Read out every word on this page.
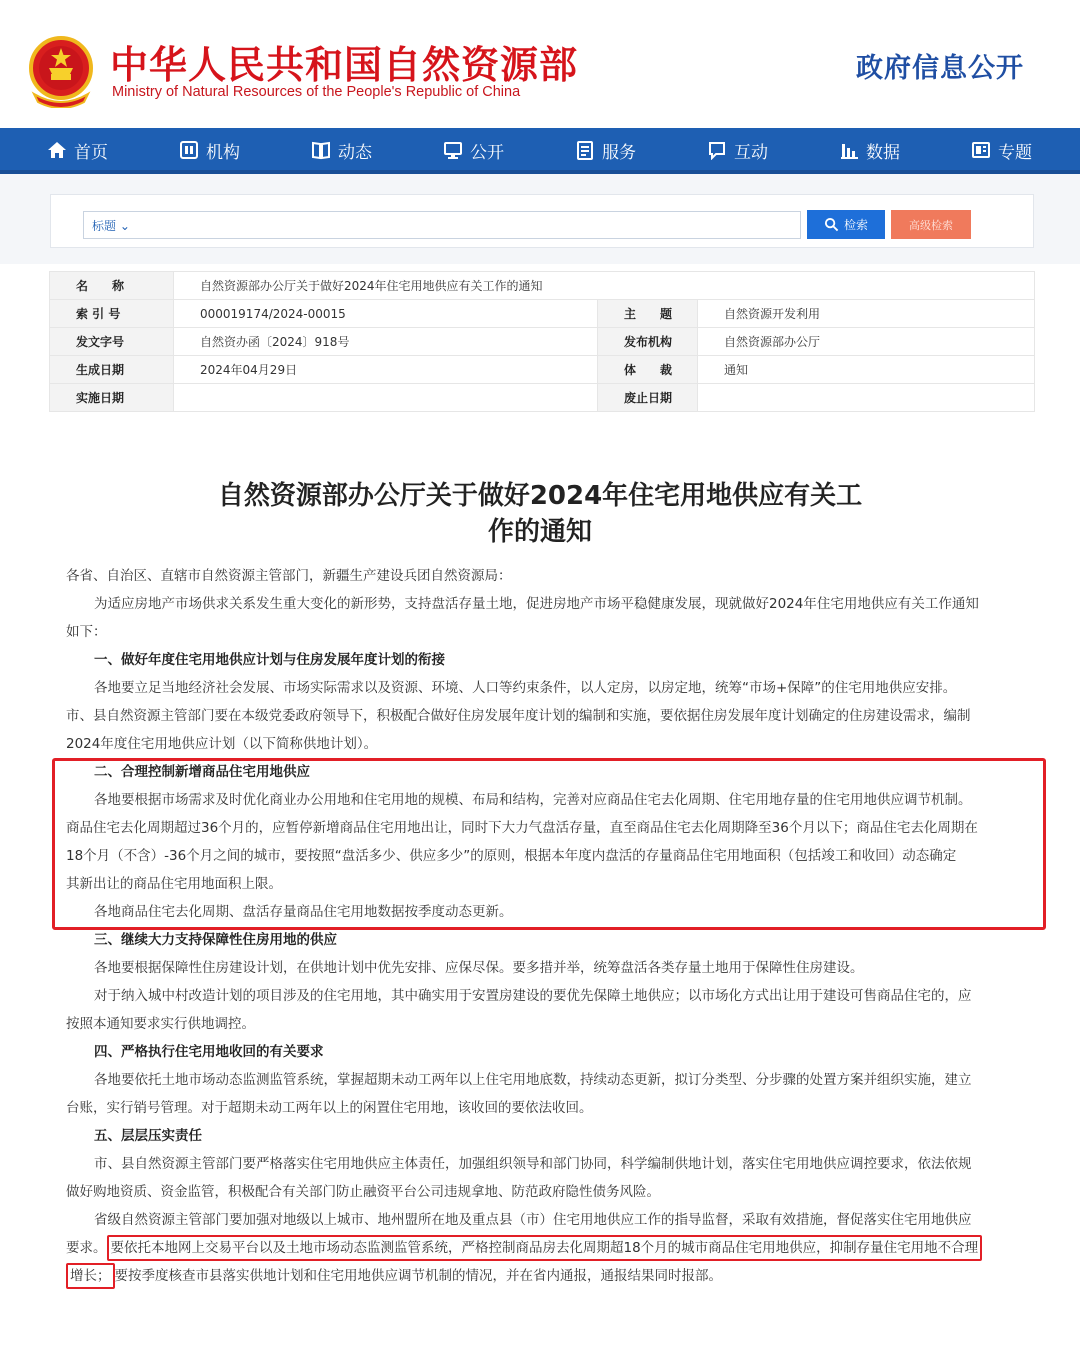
中华人民共和国自然资源部
Ministry of Natural Resources of the People's Republic of China
政府信息公开
首页	机构	动态	公开	服务	互动	数据	专题
标题 ⌄	检索	高级检索
名　　称	自然资源部办公厅关于做好2024年住宅用地供应有关工作的通知		
索 引 号	000019174/2024-00015	主　　题	自然资源开发利用
发文字号	自然资办函〔2024〕918号	发布机构	自然资源部办公厅
生成日期	2024年04月29日	体　　裁	通知
实施日期		废止日期	
自然资源部办公厅关于做好2024年住宅用地供应有关工
作的通知
各省、自治区、直辖市自然资源主管部门，新疆生产建设兵团自然资源局：
为适应房地产市场供求关系发生重大变化的新形势，支持盘活存量土地，促进房地产市场平稳健康发展，现就做好2024年住宅用地供应有关工作通知
如下：
一、做好年度住宅用地供应计划与住房发展年度计划的衔接
各地要立足当地经济社会发展、市场实际需求以及资源、环境、人口等约束条件，以人定房，以房定地，统筹“市场+保障”的住宅用地供应安排。
市、县自然资源主管部门要在本级党委政府领导下，积极配合做好住房发展年度计划的编制和实施，要依据住房发展年度计划确定的住房建设需求，编制
2024年度住宅用地供应计划（以下简称供地计划）。
二、合理控制新增商品住宅用地供应
各地要根据市场需求及时优化商业办公用地和住宅用地的规模、布局和结构，完善对应商品住宅去化周期、住宅用地存量的住宅用地供应调节机制。
商品住宅去化周期超过36个月的，应暂停新增商品住宅用地出让，同时下大力气盘活存量，直至商品住宅去化周期降至36个月以下；商品住宅去化周期在
18个月（不含）-36个月之间的城市，要按照“盘活多少、供应多少”的原则，根据本年度内盘活的存量商品住宅用地面积（包括竣工和收回）动态确定
其新出让的商品住宅用地面积上限。
各地商品住宅去化周期、盘活存量商品住宅用地数据按季度动态更新。
三、继续大力支持保障性住房用地的供应
各地要根据保障性住房建设计划，在供地计划中优先安排、应保尽保。要多措并举，统筹盘活各类存量土地用于保障性住房建设。
对于纳入城中村改造计划的项目涉及的住宅用地，其中确实用于安置房建设的要优先保障土地供应；以市场化方式出让用于建设可售商品住宅的，应
按照本通知要求实行供地调控。
四、严格执行住宅用地收回的有关要求
各地要依托土地市场动态监测监管系统，掌握超期未动工两年以上住宅用地底数，持续动态更新，拟订分类型、分步骤的处置方案并组织实施，建立
台账，实行销号管理。对于超期未动工两年以上的闲置住宅用地，该收回的要依法收回。
五、层层压实责任
市、县自然资源主管部门要严格落实住宅用地供应主体责任，加强组织领导和部门协同，科学编制供地计划，落实住宅用地供应调控要求，依法依规
做好购地资质、资金监管，积极配合有关部门防止融资平台公司违规拿地、防范政府隐性债务风险。
省级自然资源主管部门要加强对地级以上城市、地州盟所在地及重点县（市）住宅用地供应工作的指导监督，采取有效措施，督促落实住宅用地供应
要求。 要依托本地网上交易平台以及土地市场动态监测监管系统，严格控制商品房去化周期超18个月的城市商品住宅用地供应，抑制存量住宅用地不合理
增长； 要按季度核查市县落实供地计划和住宅用地供应调节机制的情况，并在省内通报，通报结果同时报部。
